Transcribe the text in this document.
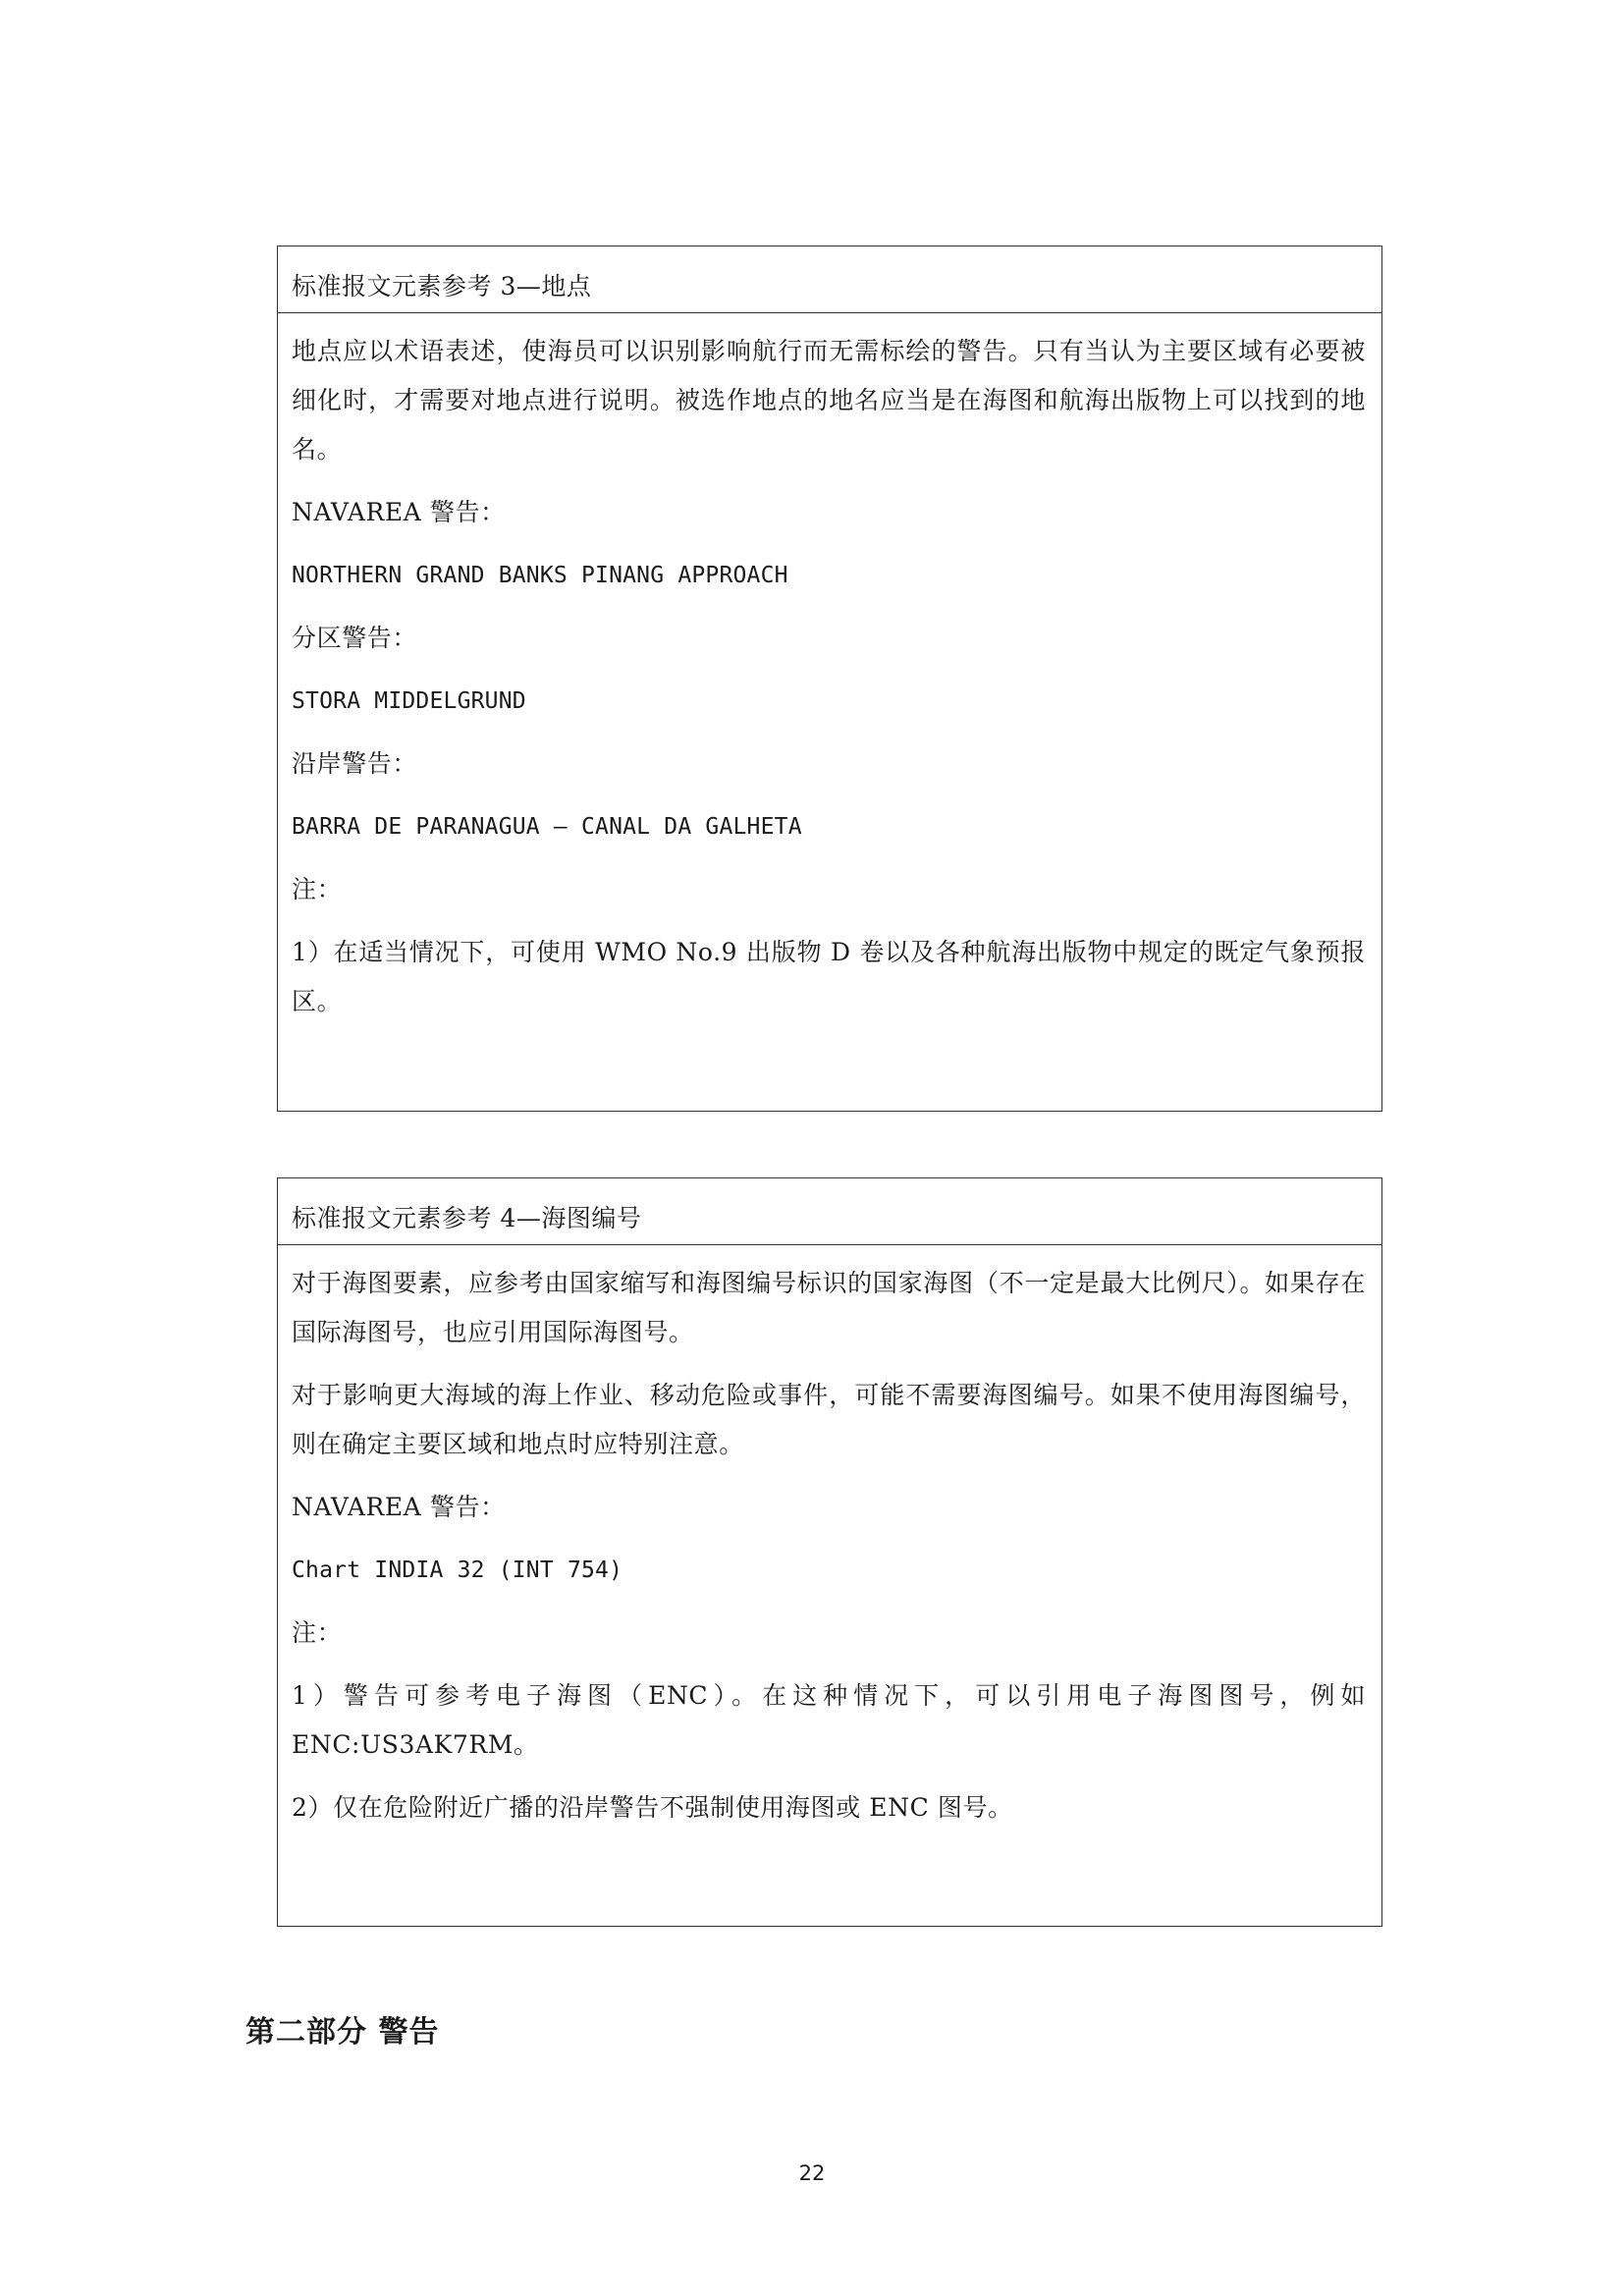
标准报文元素参考 3—地点

地点应以术语表述，使海员可以识别影响航行而无需标绘的警告。只有当认为主要区域有必要被细化时，才需要对地点进行说明。被选作地点的地名应当是在海图和航海出版物上可以找到的地名。

NAVAREA 警告：

NORTHERN GRAND BANKS PINANG APPROACH

分区警告：

STORA MIDDELGRUND

沿岸警告：

BARRA DE PARANAGUA — CANAL DA GALHETA

注：

1）在适当情况下，可使用 WMO No.9 出版物 D 卷以及各种航海出版物中规定的既定气象预报区。

标准报文元素参考 4—海图编号

对于海图要素，应参考由国家缩写和海图编号标识的国家海图（不一定是最大比例尺）。如果存在国际海图号，也应引用国际海图号。

对于影响更大海域的海上作业、移动危险或事件，可能不需要海图编号。如果不使用海图编号，则在确定主要区域和地点时应特别注意。

NAVAREA 警告：

Chart INDIA 32 (INT 754)

注：

1）警告可参考电子海图（ENC）。在这种情况下，可以引用电子海图图号，例如 ENC:US3AK7RM。

2）仅在危险附近广播的沿岸警告不强制使用海图或 ENC 图号。

第二部分 警告
22
